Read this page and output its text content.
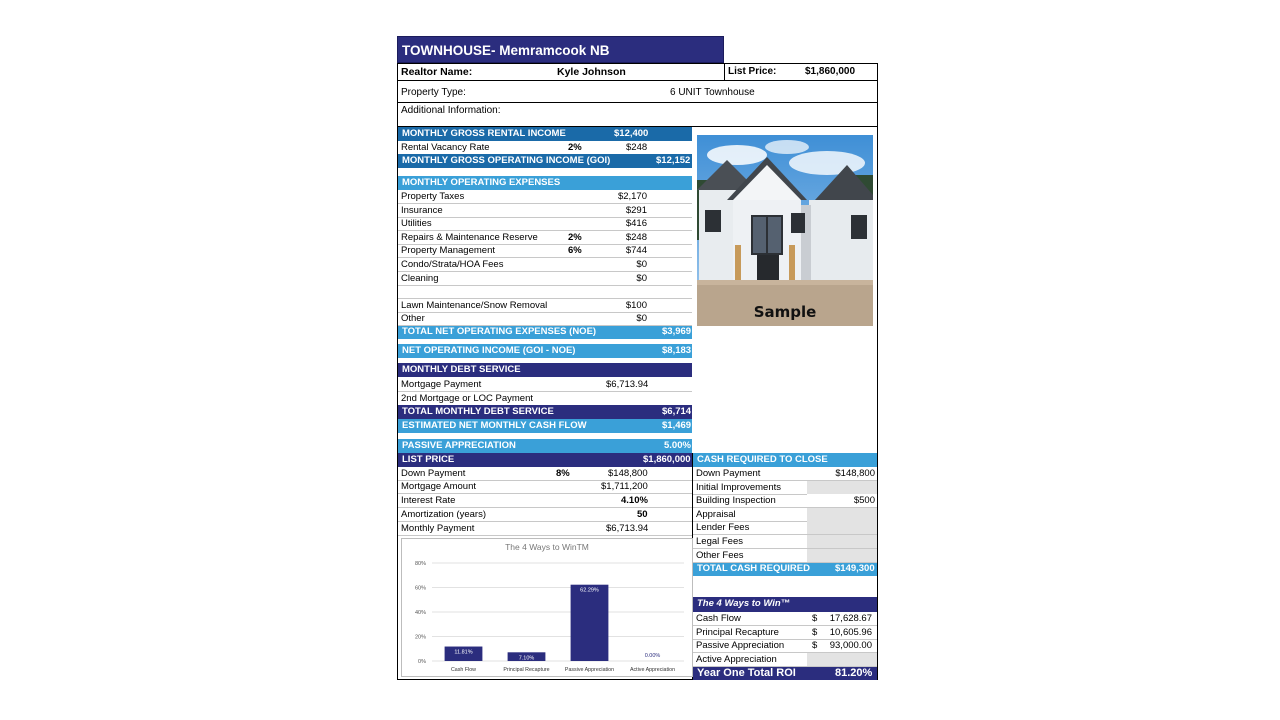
TOWNHOUSE- Memramcook NB
Realtor Name:	Kyle Johnson	List Price:	$1,860,000
Property Type:	6 UNIT Townhouse
Additional Information:
MONTHLY GROSS RENTAL INCOME	$12,400
Rental Vacancy Rate	2%	$248
MONTHLY GROSS OPERATING INCOME (GOI)	$12,152
MONTHLY OPERATING EXPENSES
TOTAL NET OPERATING EXPENSES (NOE)	$3,969
NET OPERATING INCOME (GOI - NOE)	$8,183
MONTHLY DEBT SERVICE
Mortgage Payment	$6,713.94
2nd Mortgage or LOC Payment
TOTAL MONTHLY DEBT SERVICE	$6,714
ESTIMATED NET MONTHLY CASH FLOW	$1,469
PASSIVE APPRECIATION	5.00%
LIST PRICE	$1,860,000
Down Payment	8%	$148,800
Mortgage Amount	$1,711,200
Interest Rate	4.10%
Amortization (years)	50
Monthly Payment	$6,713.94
Sample
CASH REQUIRED TO CLOSE
TOTAL CASH REQUIRED	$149,300
The 4 Ways to Win™
Year One Total ROI	81.20%
The 4 Ways to WinTM
0%
20%
40%
60%
80%
11.81%
Cash Flow
7.10%
Principal Recapture
62.29%
Passive Appreciation
0.00%
Active Appreciation
Property Taxes	$2,170
Insurance	$291
Utilities	$416
Repairs & Maintenance Reserve	2%	$248
Property Management	6%	$744
Condo/Strata/HOA Fees	$0
Cleaning	$0
Lawn Maintenance/Snow Removal	$100
Other	$0
Down Payment	$148,800
Initial Improvements
Building Inspection	$500
Appraisal
Lender Fees
Legal Fees
Other Fees
Cash Flow	$	17,628.67
Principal Recapture	$	10,605.96
Passive Appreciation	$	93,000.00
Active Appreciation
